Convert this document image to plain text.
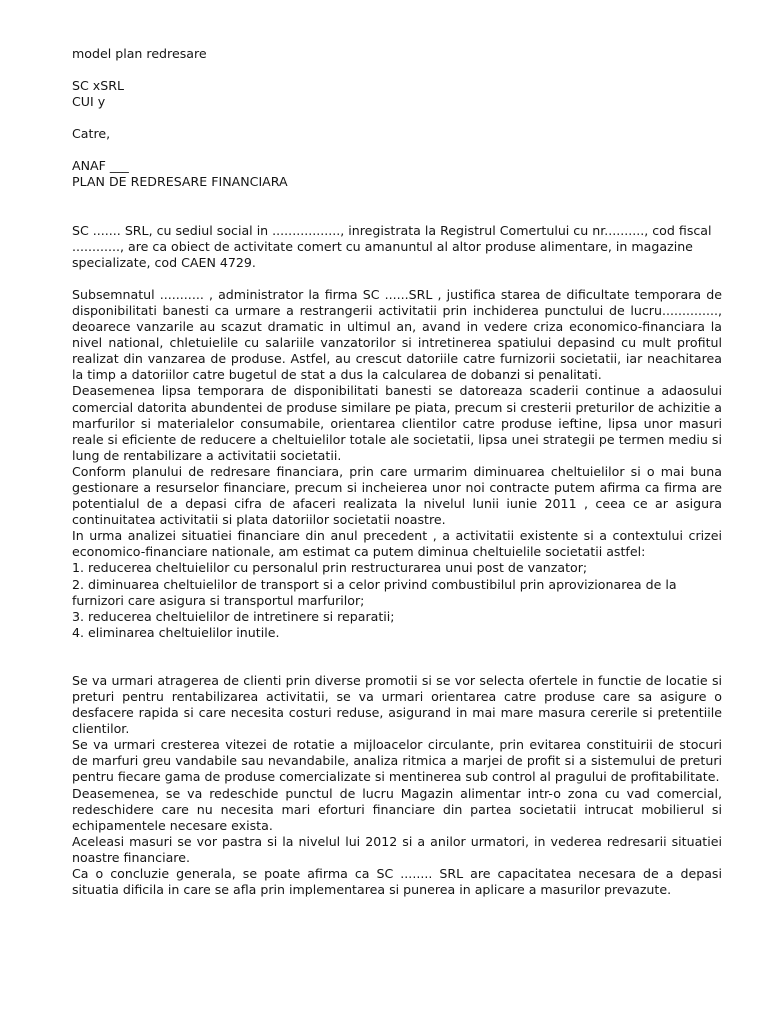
model plan redresare

SC xSRL

CUI y

Catre,

ANAF ___

PLAN DE REDRESARE FINANCIARA

SC ....... SRL, cu sediul social in ................., inregistrata la Registrul Comertului cu nr.........., cod fiscal ............, are ca obiect de activitate comert cu amanuntul al altor produse alimentare, in magazine specializate, cod CAEN 4729.

Subsemnatul ........... , administrator la firma SC ......SRL , justifica starea de dificultate temporara de disponibilitati banesti ca urmare a restrangerii activitatii prin inchiderea punctului de lucru.............., deoarece vanzarile au scazut dramatic in ultimul an, avand in vedere criza economico-financiara la nivel national, chletuielile cu salariile vanzatorilor si intretinerea spatiului depasind cu mult profitul realizat din vanzarea de produse. Astfel, au crescut datoriile catre furnizorii societatii, iar neachitarea la timp a datoriilor catre bugetul de stat a dus la calcularea de dobanzi si penalitati.

Deasemenea lipsa temporara de disponibilitati banesti se datoreaza scaderii continue a adaosului comercial datorita abundentei de produse similare pe piata, precum si cresterii preturilor de achizitie a marfurilor si materialelor consumabile, orientarea clientilor catre produse ieftine, lipsa unor masuri reale si eficiente de reducere a cheltuielilor totale ale societatii, lipsa unei strategii pe termen mediu si lung de rentabilizare a activitatii societatii.

Conform planului de redresare financiara, prin care urmarim diminuarea cheltuielilor si o mai buna gestionare a resurselor financiare, precum si incheierea unor noi contracte putem afirma ca firma are potentialul de a depasi cifra de afaceri realizata la nivelul lunii iunie 2011 , ceea ce ar asigura continuitatea activitatii si plata datoriilor societatii noastre.

In urma analizei situatiei financiare din anul precedent , a activitatii existente si a contextului crizei economico-financiare nationale, am estimat ca putem diminua cheltuielile societatii astfel:

1. reducerea cheltuielilor cu personalul prin restructurarea unui post de vanzator;
2. diminuarea cheltuielilor de transport si a celor privind combustibilul prin aprovizionarea de la furnizori care asigura si transportul marfurilor;
3. reducerea cheltuielilor de intretinere si reparatii;
4. eliminarea cheltuielilor inutile.

Se va urmari atragerea de clienti prin diverse promotii si se vor selecta ofertele in functie de locatie si preturi pentru rentabilizarea activitatii, se va urmari orientarea catre produse care sa asigure o desfacere rapida si care necesita costuri reduse, asigurand in mai mare masura cererile si pretentiile clientilor.

Se va urmari cresterea vitezei de rotatie a mijloacelor circulante, prin evitarea constituirii de stocuri de marfuri greu vandabile sau nevandabile, analiza ritmica a marjei de profit si a sistemului de preturi pentru fiecare gama de produse comercializate si mentinerea sub control al pragului de profitabilitate.

Deasemenea, se va redeschide punctul de lucru Magazin alimentar intr-o zona cu vad comercial, redeschidere care nu necesita mari eforturi financiare din partea societatii intrucat mobilierul si echipamentele necesare exista.

Aceleasi masuri se vor pastra si la nivelul lui 2012 si a anilor urmatori, in vederea redresarii situatiei noastre financiare.

Ca o concluzie generala, se poate afirma ca SC ........ SRL are capacitatea necesara de a depasi situatia dificila in care se afla prin implementarea si punerea in aplicare a masurilor prevazute.
